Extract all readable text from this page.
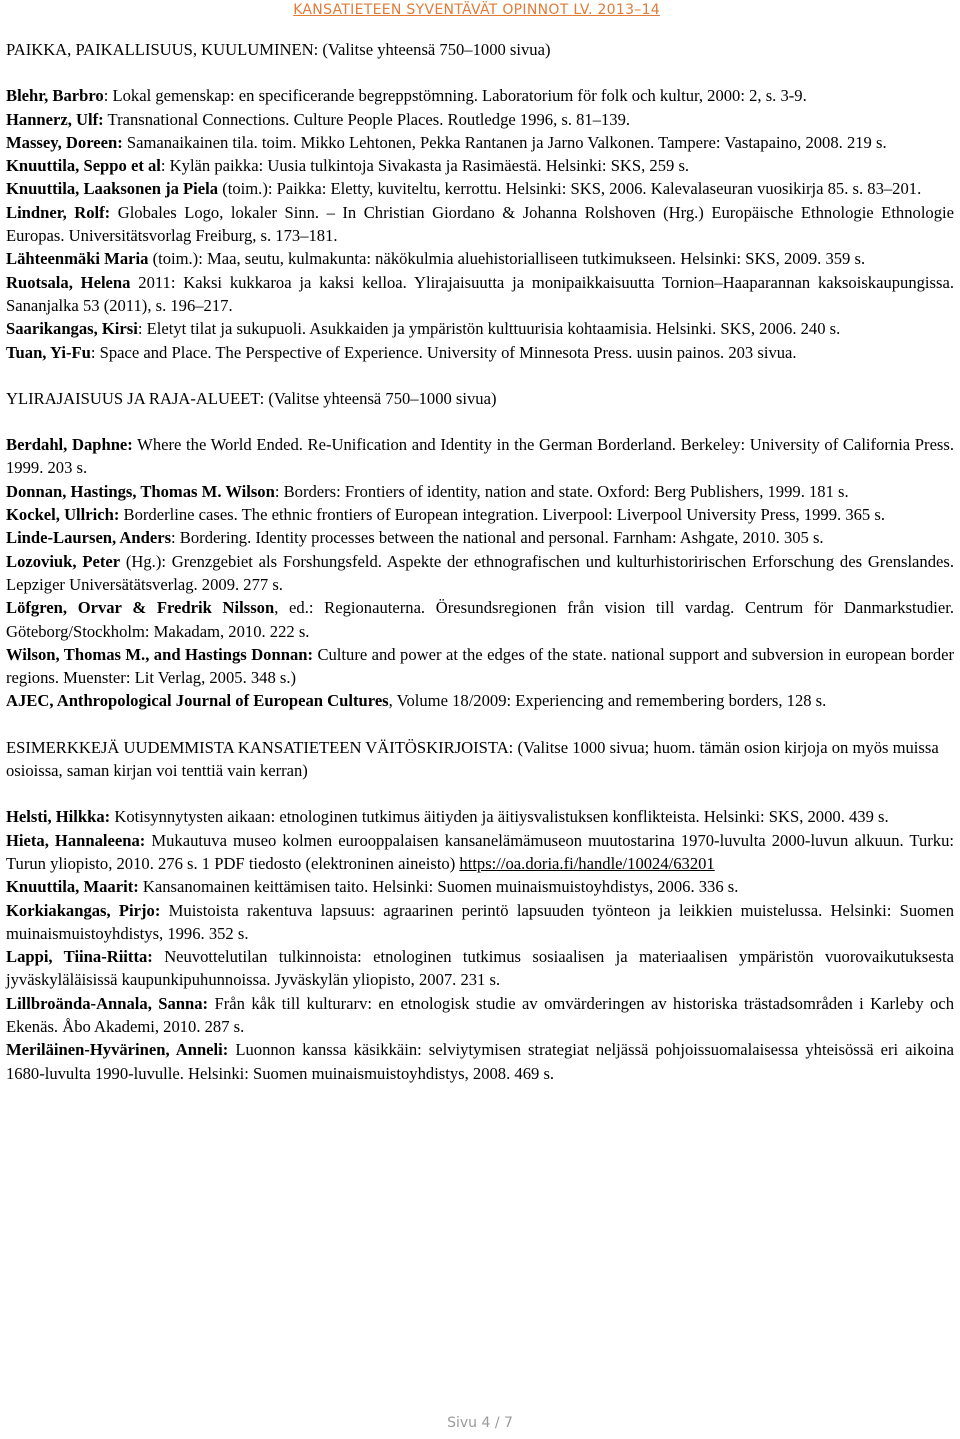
KANSATIETEEN SYVENTÄVÄT OPINNOT LV. 2013–14
PAIKKA, PAIKALLISUUS, KUULUMINEN: (Valitse yhteensä 750–1000 sivua)

Blehr, Barbro: Lokal gemenskap: en specificerande begreppstömning. Laboratorium för folk och kultur, 2000: 2, s. 3-9.

Hannerz, Ulf: Transnational Connections. Culture People Places. Routledge 1996, s. 81–139.

Massey, Doreen: Samanaikainen tila. toim. Mikko Lehtonen, Pekka Rantanen ja Jarno Valkonen. Tampere: Vastapaino, 2008. 219 s.

Knuuttila, Seppo et al: Kylän paikka: Uusia tulkintoja Sivakasta ja Rasimäestä. Helsinki: SKS, 259 s.

Knuuttila, Laaksonen ja Piela (toim.): Paikka: Eletty, kuviteltu, kerrottu. Helsinki: SKS, 2006. Kalevalaseuran vuosikirja 85. s. 83–201.

Lindner, Rolf: Globales Logo, lokaler Sinn. – In Christian Giordano & Johanna Rolshoven (Hrg.) Europäische Ethnologie Ethnologie Europas. Universitätsvorlag Freiburg, s. 173–181.

Lähteenmäki Maria (toim.): Maa, seutu, kulmakunta: näkökulmia aluehistorialliseen tutkimukseen. Helsinki: SKS, 2009. 359 s.

Ruotsala, Helena 2011: Kaksi kukkaroa ja kaksi kelloa. Ylirajaisuutta ja monipaikkaisuutta Tornion–Haaparannan kaksoiskaupungissa. Sananjalka 53 (2011), s. 196–217.

Saarikangas, Kirsi: Eletyt tilat ja sukupuoli. Asukkaiden ja ympäristön kulttuurisia kohtaamisia. Helsinki. SKS, 2006. 240 s.

Tuan, Yi-Fu: Space and Place. The Perspective of Experience. University of Minnesota Press. uusin painos. 203 sivua.

YLIRAJAISUUS JA RAJA-ALUEET: (Valitse yhteensä 750–1000 sivua)

Berdahl, Daphne: Where the World Ended. Re-Unification and Identity in the German Borderland. Berkeley: University of California Press. 1999. 203 s.

Donnan, Hastings, Thomas M. Wilson: Borders: Frontiers of identity, nation and state. Oxford: Berg Publishers, 1999. 181 s.

Kockel, Ullrich: Borderline cases. The ethnic frontiers of European integration. Liverpool: Liverpool University Press, 1999. 365 s.

Linde-Laursen, Anders: Bordering. Identity processes between the national and personal. Farnham: Ashgate, 2010. 305 s.

Lozoviuk, Peter (Hg.): Grenzgebiet als Forshungsfeld. Aspekte der ethnografischen und kulturhistoririschen Erforschung des Grenslandes. Lepziger Universätätsverlag. 2009. 277 s.

Löfgren, Orvar & Fredrik Nilsson, ed.: Regionauterna. Öresundsregionen från vision till vardag. Centrum för Danmarkstudier. Göteborg/Stockholm: Makadam, 2010. 222 s.

Wilson, Thomas M., and Hastings Donnan: Culture and power at the edges of the state. national support and subversion in european border regions. Muenster: Lit Verlag, 2005. 348 s.)

AJEC, Anthropological Journal of European Cultures, Volume 18/2009: Experiencing and remembering borders, 128 s.

ESIMERKKEJÄ UUDEMMISTA KANSATIETEEN VÄITÖSKIRJOISTA: (Valitse 1000 sivua; huom. tämän osion kirjoja on myös muissa osioissa, saman kirjan voi tenttiä vain kerran)

Helsti, Hilkka: Kotisynnytysten aikaan: etnologinen tutkimus äitiyden ja äitiysvalistuksen konflikteista. Helsinki: SKS, 2000. 439 s.

Hieta, Hannaleena: Mukautuva museo kolmen eurooppalaisen kansanelämämuseon muutostarina 1970-luvulta 2000-luvun alkuun. Turku: Turun yliopisto, 2010. 276 s. 1 PDF tiedosto (elektroninen aineisto) https://oa.doria.fi/handle/10024/63201

Knuuttila, Maarit: Kansanomainen keittämisen taito. Helsinki: Suomen muinaismuistoyhdistys, 2006. 336 s.

Korkiakangas, Pirjo: Muistoista rakentuva lapsuus: agraarinen perintö lapsuuden työnteon ja leikkien muistelussa. Helsinki: Suomen muinaismuistoyhdistys, 1996. 352 s.

Lappi, Tiina-Riitta: Neuvottelutilan tulkinnoista: etnologinen tutkimus sosiaalisen ja materiaalisen ympäristön vuorovaikutuksesta jyväskyläläisissä kaupunkipuhunnoissa. Jyväskylän yliopisto, 2007. 231 s.

Lillbroända-Annala, Sanna: Från kåk till kulturarv: en etnologisk studie av omvärderingen av historiska trästadsområden i Karleby och Ekenäs. Åbo Akademi, 2010. 287 s.

Meriläinen-Hyvärinen, Anneli: Luonnon kanssa käsikkäin: selviytymisen strategiat neljässä pohjoissuomalaisessa yhteisössä eri aikoina 1680-luvulta 1990-luvulle. Helsinki: Suomen muinaismuistoyhdistys, 2008. 469 s.

Sivu 4 / 7
